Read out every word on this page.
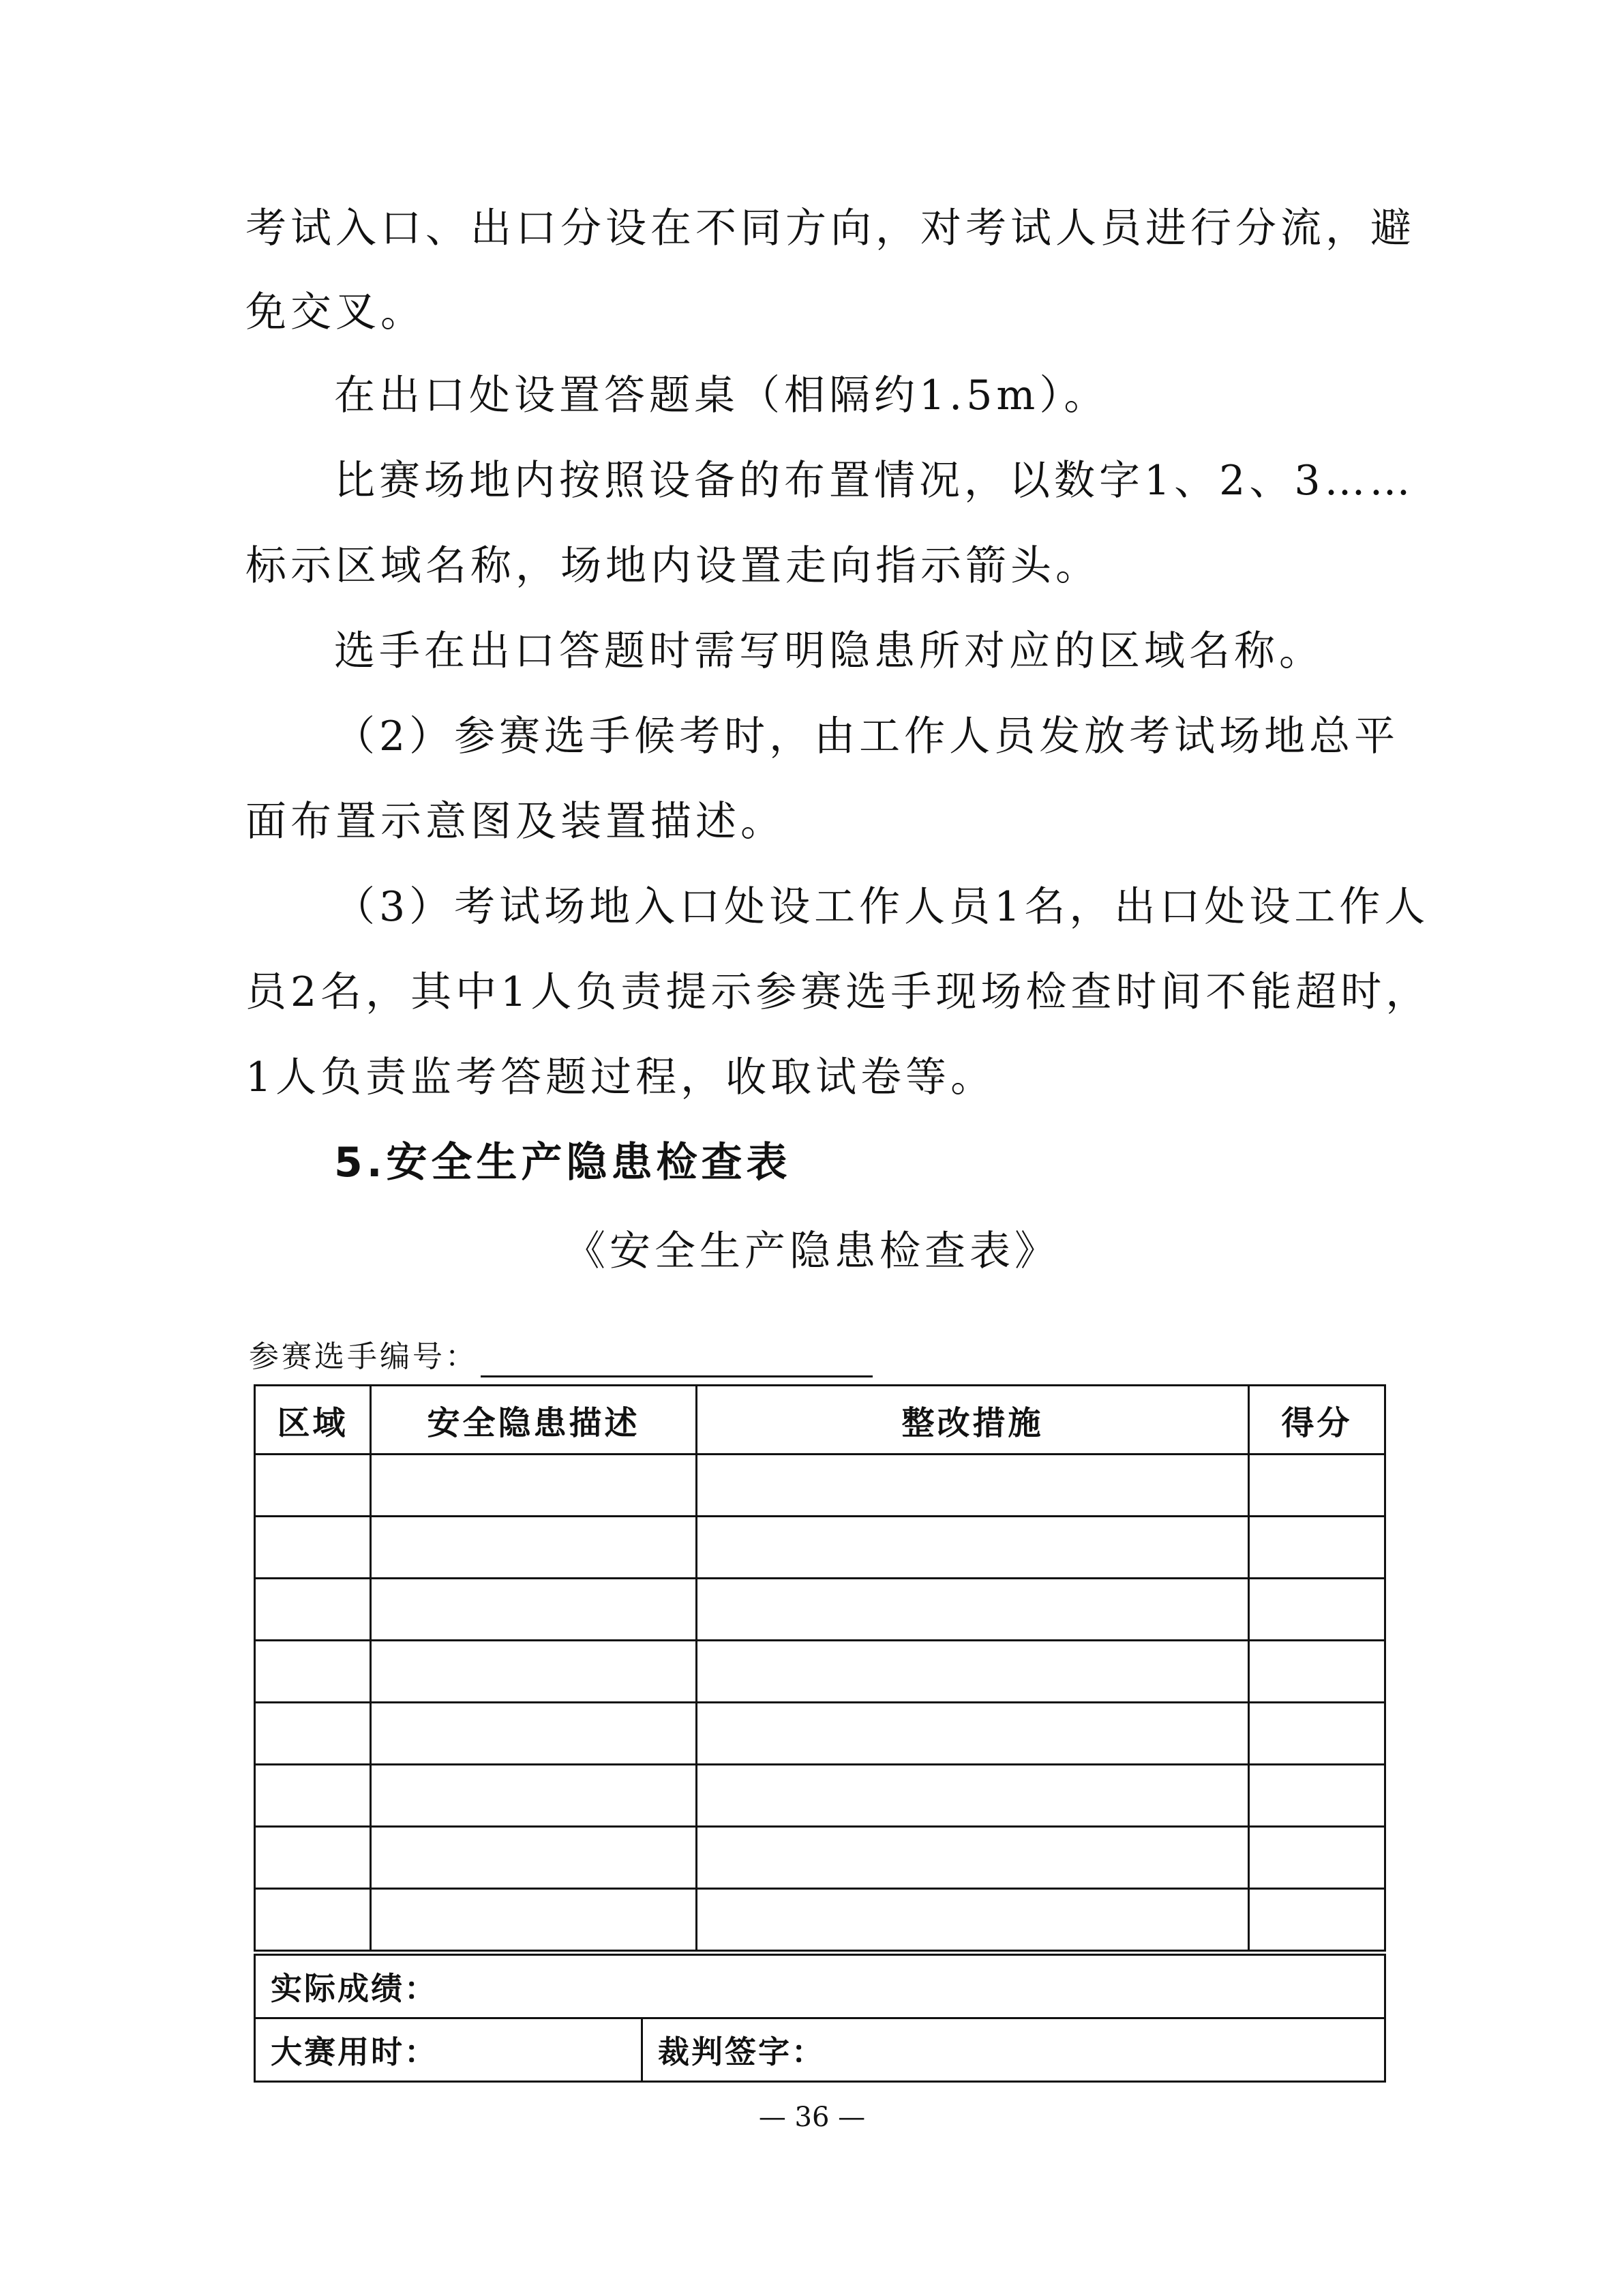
考试入口、出口分设在不同方向，对考试人员进行分流，避
免交叉。
在出口处设置答题桌（相隔约1.5m）。
比赛场地内按照设备的布置情况，以数字1、2、3……
标示区域名称，场地内设置走向指示箭头。
选手在出口答题时需写明隐患所对应的区域名称。
（2）参赛选手候考时，由工作人员发放考试场地总平
面布置示意图及装置描述。
（3）考试场地入口处设工作人员1名，出口处设工作人
员2名，其中1人负责提示参赛选手现场检查时间不能超时，
1人负责监考答题过程，收取试卷等。
5.安全生产隐患检查表
《安全生产隐患检查表》
参赛选手编号：
区域	安全隐患描述	整改措施	得分

实际成绩：
大赛用时：	裁判签字：
— 36 —
